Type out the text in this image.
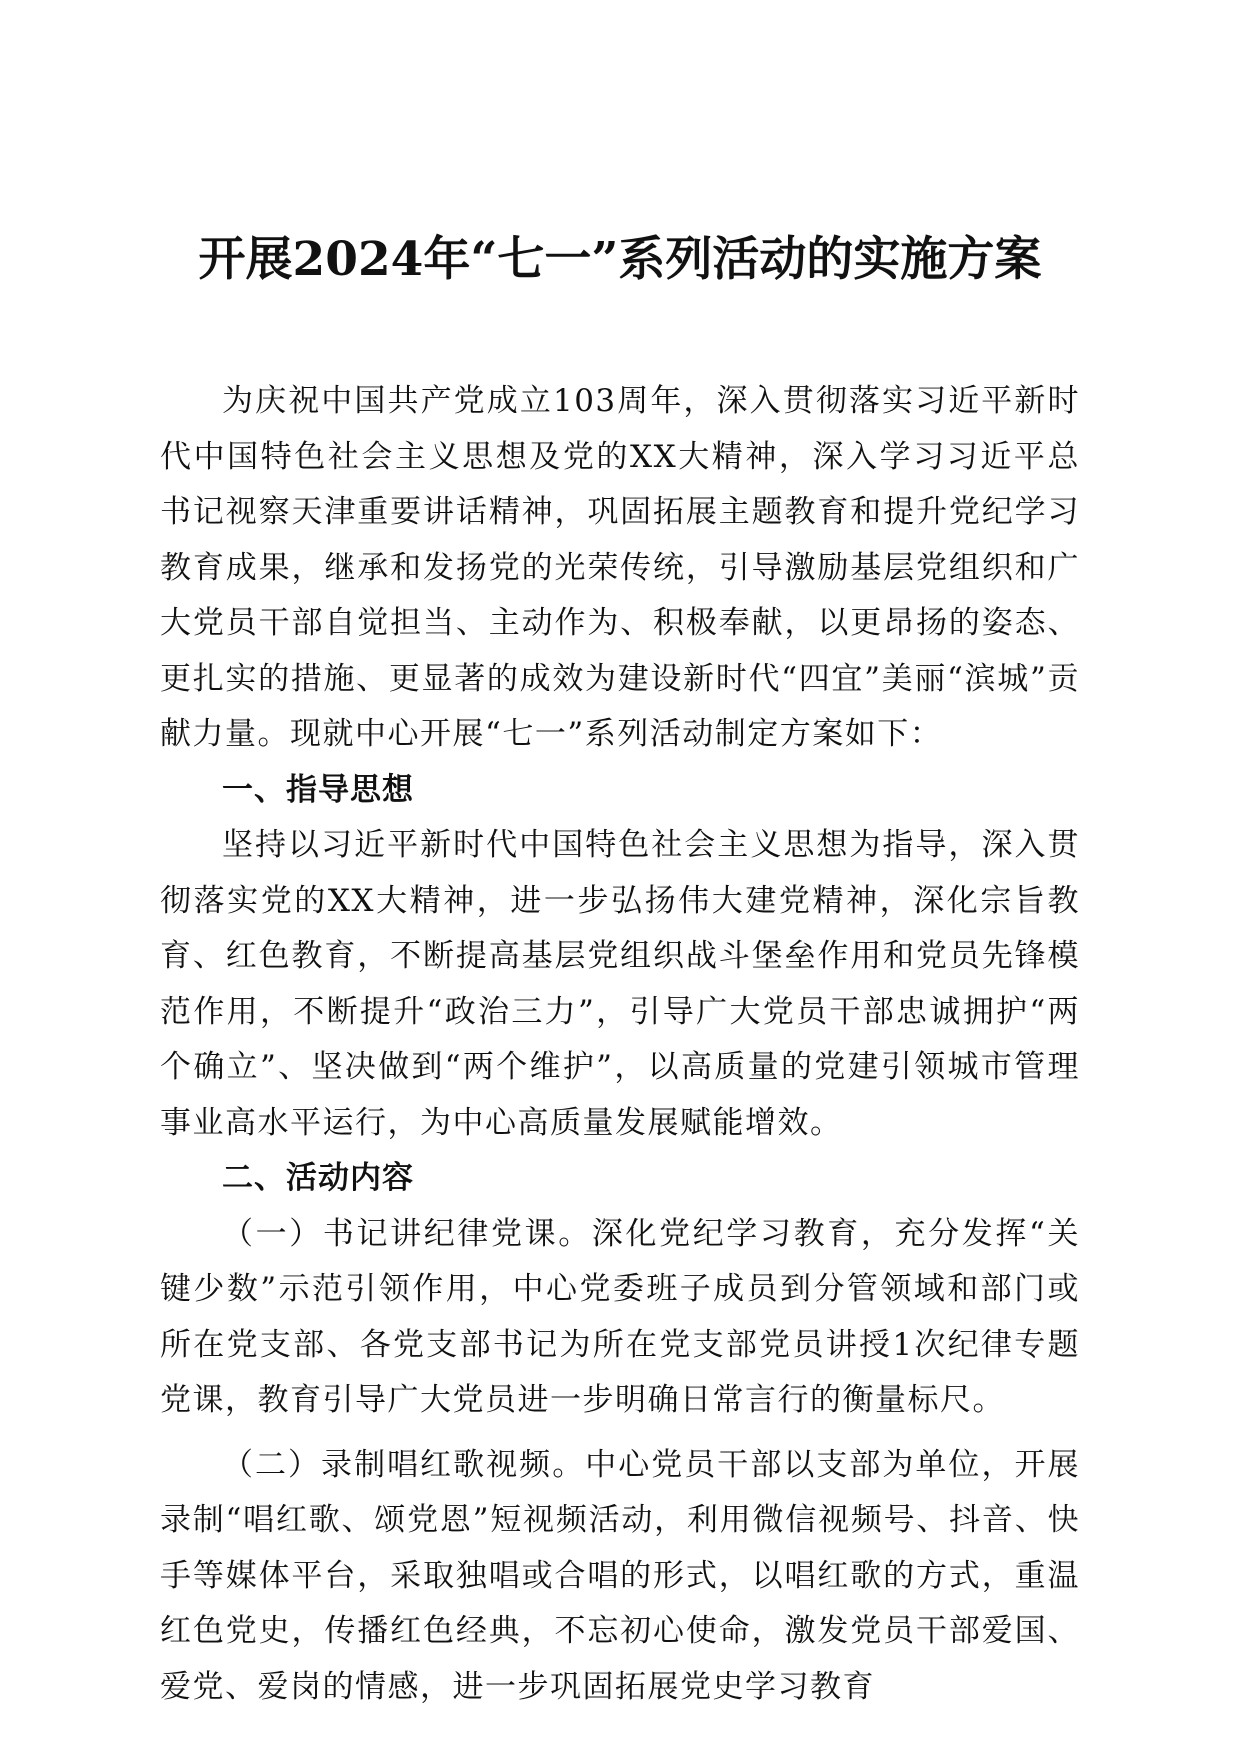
开展2024年“七一”系列活动的实施方案

为庆祝中国共产党成立103周年，深入贯彻落实习近平新时代中国特色社会主义思想及党的XX大精神，深入学习习近平总书记视察天津重要讲话精神，巩固拓展主题教育和提升党纪学习教育成果，继承和发扬党的光荣传统，引导激励基层党组织和广大党员干部自觉担当、主动作为、积极奉献，以更昂扬的姿态、更扎实的措施、更显著的成效为建设新时代“四宜”美丽“滨城”贡献力量。现就中心开展“七一”系列活动制定方案如下：

一、指导思想

坚持以习近平新时代中国特色社会主义思想为指导，深入贯彻落实党的XX大精神，进一步弘扬伟大建党精神，深化宗旨教育、红色教育，不断提高基层党组织战斗堡垒作用和党员先锋模范作用，不断提升“政治三力”，引导广大党员干部忠诚拥护“两个确立”、坚决做到“两个维护”，以高质量的党建引领城市管理事业高水平运行，为中心高质量发展赋能增效。

二、活动内容

（一）书记讲纪律党课。深化党纪学习教育，充分发挥“关键少数”示范引领作用，中心党委班子成员到分管领域和部门或所在党支部、各党支部书记为所在党支部党员讲授1次纪律专题党课，教育引导广大党员进一步明确日常言行的衡量标尺。

（二）录制唱红歌视频。中心党员干部以支部为单位，开展录制“唱红歌、颂党恩”短视频活动，利用微信视频号、抖音、快手等媒体平台，采取独唱或合唱的形式，以唱红歌的方式，重温红色党史，传播红色经典，不忘初心使命，激发党员干部爱国、爱党、爱岗的情感，进一步巩固拓展党史学习教育
